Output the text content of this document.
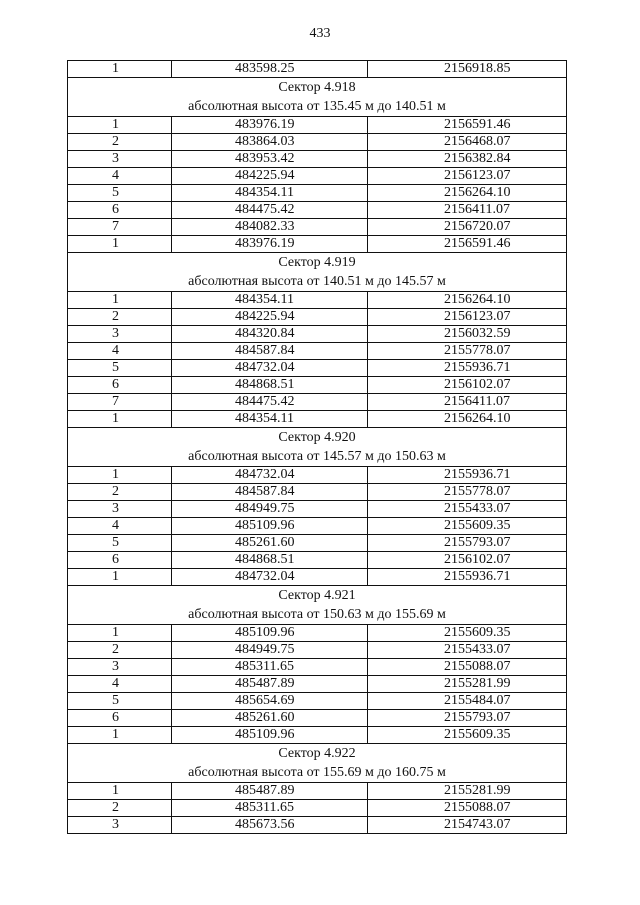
433
1	483598.25	2156918.85

Сектор 4.918
абсолютная высота от 135.45 м до 140.51 м		

1	483976.19	2156591.46
2	483864.03	2156468.07
3	483953.42	2156382.84
4	484225.94	2156123.07
5	484354.11	2156264.10
6	484475.42	2156411.07
7	484082.33	2156720.07
1	483976.19	2156591.46

Сектор 4.919
абсолютная высота от 140.51 м до 145.57 м		

1	484354.11	2156264.10
2	484225.94	2156123.07
3	484320.84	2156032.59
4	484587.84	2155778.07
5	484732.04	2155936.71
6	484868.51	2156102.07
7	484475.42	2156411.07
1	484354.11	2156264.10

Сектор 4.920
абсолютная высота от 145.57 м до 150.63 м		

1	484732.04	2155936.71
2	484587.84	2155778.07
3	484949.75	2155433.07
4	485109.96	2155609.35
5	485261.60	2155793.07
6	484868.51	2156102.07
1	484732.04	2155936.71

Сектор 4.921
абсолютная высота от 150.63 м до 155.69 м		

1	485109.96	2155609.35
2	484949.75	2155433.07
3	485311.65	2155088.07
4	485487.89	2155281.99
5	485654.69	2155484.07
6	485261.60	2155793.07
1	485109.96	2155609.35

Сектор 4.922
абсолютная высота от 155.69 м до 160.75 м		

1	485487.89	2155281.99
2	485311.65	2155088.07
3	485673.56	2154743.07
